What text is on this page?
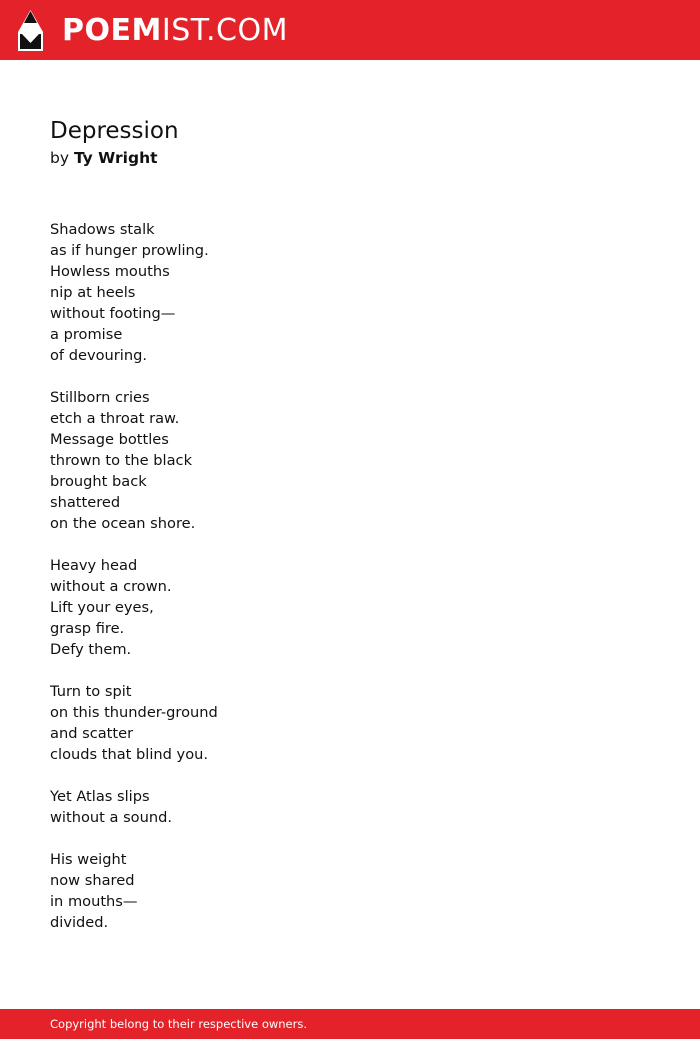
POEMIST.COM
Depression

by Ty Wright

Shadows stalk
as if hunger prowling.
Howless mouths
nip at heels
without footing—
a promise
of devouring.

Stillborn cries
etch a throat raw.
Message bottles
thrown to the black
brought back
shattered
on the ocean shore.

Heavy head
without a crown.
Lift your eyes,
grasp fire.
Defy them.

Turn to spit
on this thunder-ground
and scatter
clouds that blind you.

Yet Atlas slips
without a sound.

His weight
now shared
in mouths—
divided.

Copyright belong to their respective owners.
